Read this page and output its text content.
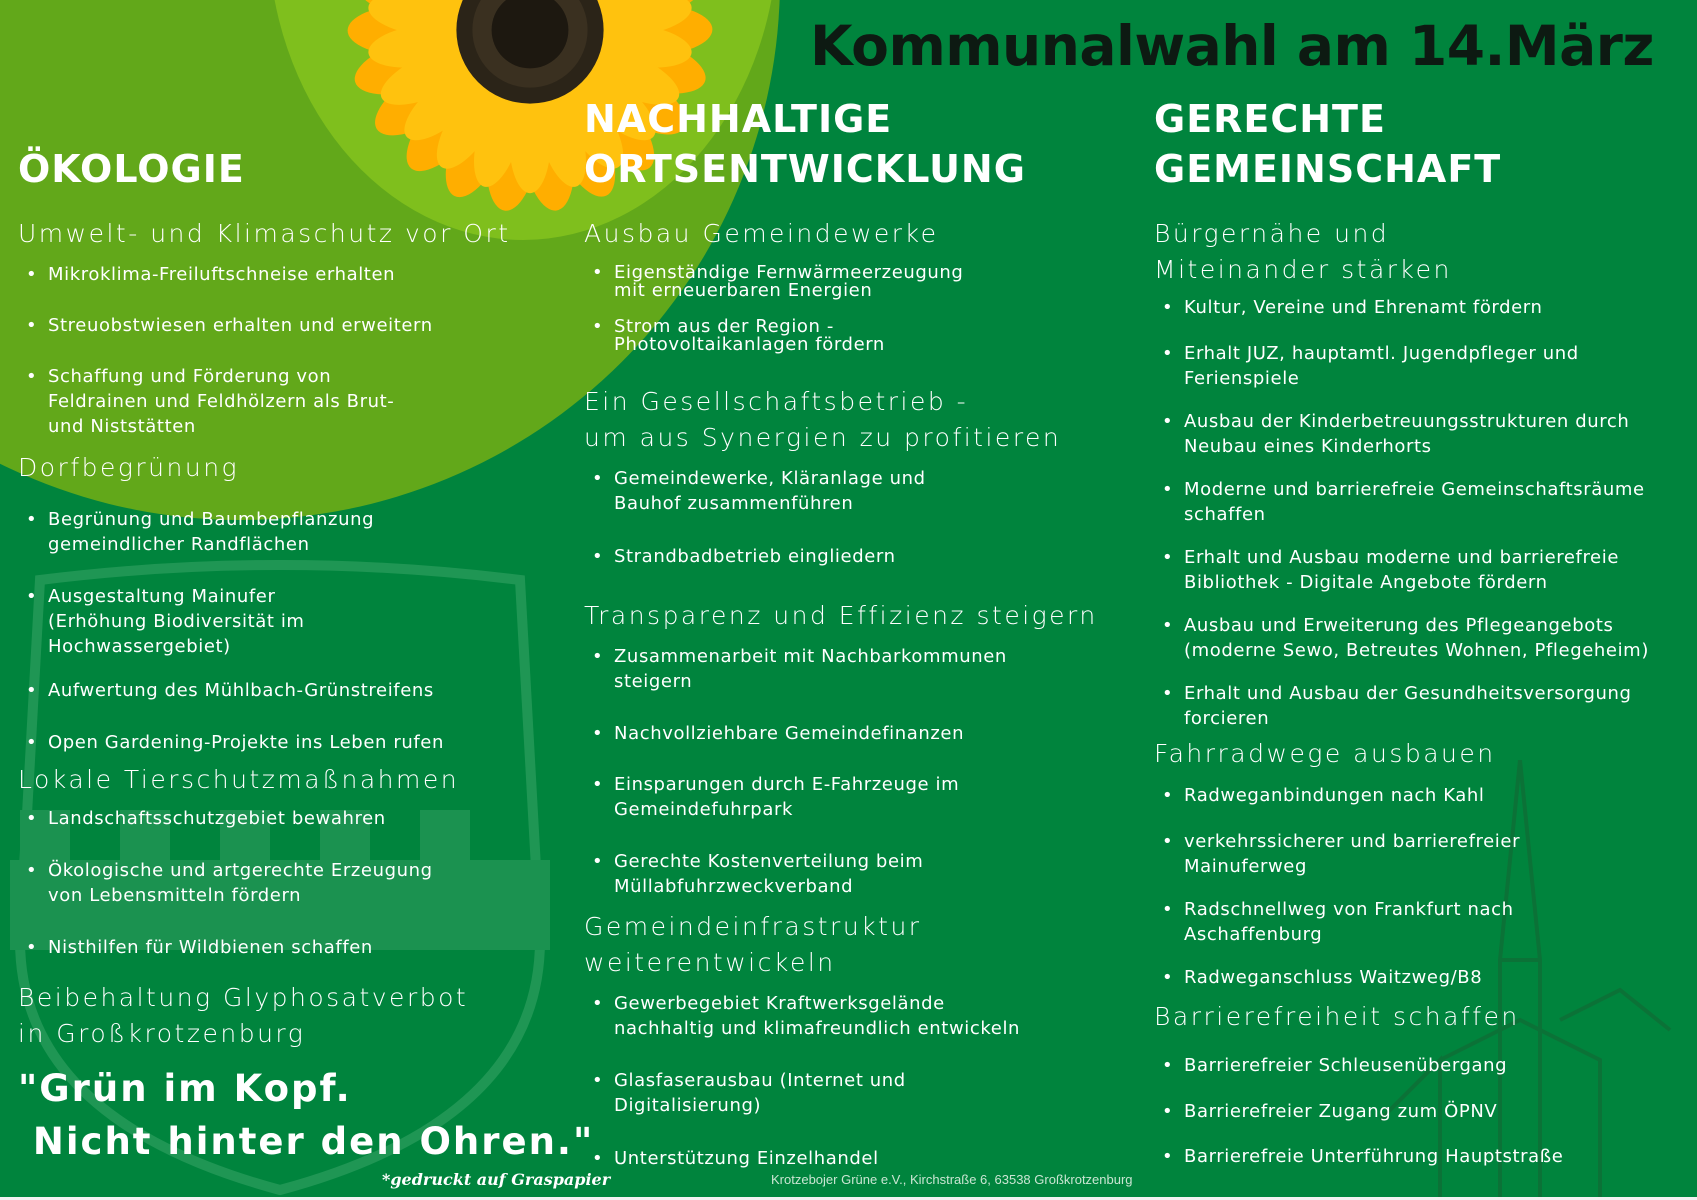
Kommunalwahl am 14.März
ÖKOLOGIE
Umwelt- und Klimaschutz vor Ort
• Mikroklima-Freiluftschneise erhalten
• Streuobstwiesen erhalten und erweitern
• Schaffung und Förderung von
Feldrainen und Feldhölzern als Brut-
und Niststätten
Dorfbegrünung
• Begrünung und Baumbepflanzung
gemeindlicher Randflächen
• Ausgestaltung Mainufer
(Erhöhung Biodiversität im
Hochwassergebiet)
• Aufwertung des Mühlbach-Grünstreifens
• Open Gardening-Projekte ins Leben rufen
Lokale Tierschutzmaßnahmen
• Landschaftsschutzgebiet bewahren
• Ökologische und artgerechte Erzeugung
von Lebensmitteln fördern
• Nisthilfen für Wildbienen schaffen
Beibehaltung Glyphosatverbot
in Großkrotzenburg
NACHHALTIGE
ORTSENTWICKLUNG
Ausbau Gemeindewerke
• Eigenständige Fernwärmeerzeugung
mit erneuerbaren Energien
• Strom aus der Region -
Photovoltaikanlagen fördern
Ein Gesellschaftsbetrieb -
um aus Synergien zu profitieren
• Gemeindewerke, Kläranlage und
Bauhof zusammenführen
• Strandbadbetrieb eingliedern
Transparenz und Effizienz steigern
• Zusammenarbeit mit Nachbarkommunen
steigern
• Nachvollziehbare Gemeindefinanzen
• Einsparungen durch E-Fahrzeuge im
Gemeindefuhrpark
• Gerechte Kostenverteilung beim
Müllabfuhrzweckverband
Gemeindeinfrastruktur
weiterentwickeln
• Gewerbegebiet Kraftwerksgelände
nachhaltig und klimafreundlich entwickeln
• Glasfaserausbau (Internet und
Digitalisierung)
• Unterstützung Einzelhandel
GERECHTE
GEMEINSCHAFT
Bürgernähe und
Miteinander stärken
• Kultur, Vereine und Ehrenamt fördern
• Erhalt JUZ, hauptamtl. Jugendpfleger und
Ferienspiele
• Ausbau der Kinderbetreuungsstrukturen durch
Neubau eines Kinderhorts
• Moderne und barrierefreie Gemeinschaftsräume
schaffen
• Erhalt und Ausbau moderne und barrierefreie
Bibliothek - Digitale Angebote fördern
• Ausbau und Erweiterung des Pflegeangebots
(moderne Sewo, Betreutes Wohnen, Pflegeheim)
• Erhalt und Ausbau der Gesundheitsversorgung
forcieren
Fahrradwege ausbauen
• Radweganbindungen nach Kahl
• verkehrssicherer und barrierefreier
Mainuferweg
• Radschnellweg von Frankfurt nach
Aschaffenburg
• Radweganschluss Waitzweg/B8
Barrierefreiheit schaffen
• Barrierefreier Schleusenübergang
• Barrierefreier Zugang zum ÖPNV
• Barrierefreie Unterführung Hauptstraße

"Grün im Kopf.
Nicht hinter den Ohren."

*gedruckt auf Graspapier	Krotzebojer Grüne e.V., Kirchstraße 6, 63538 Großkrotzenburg
